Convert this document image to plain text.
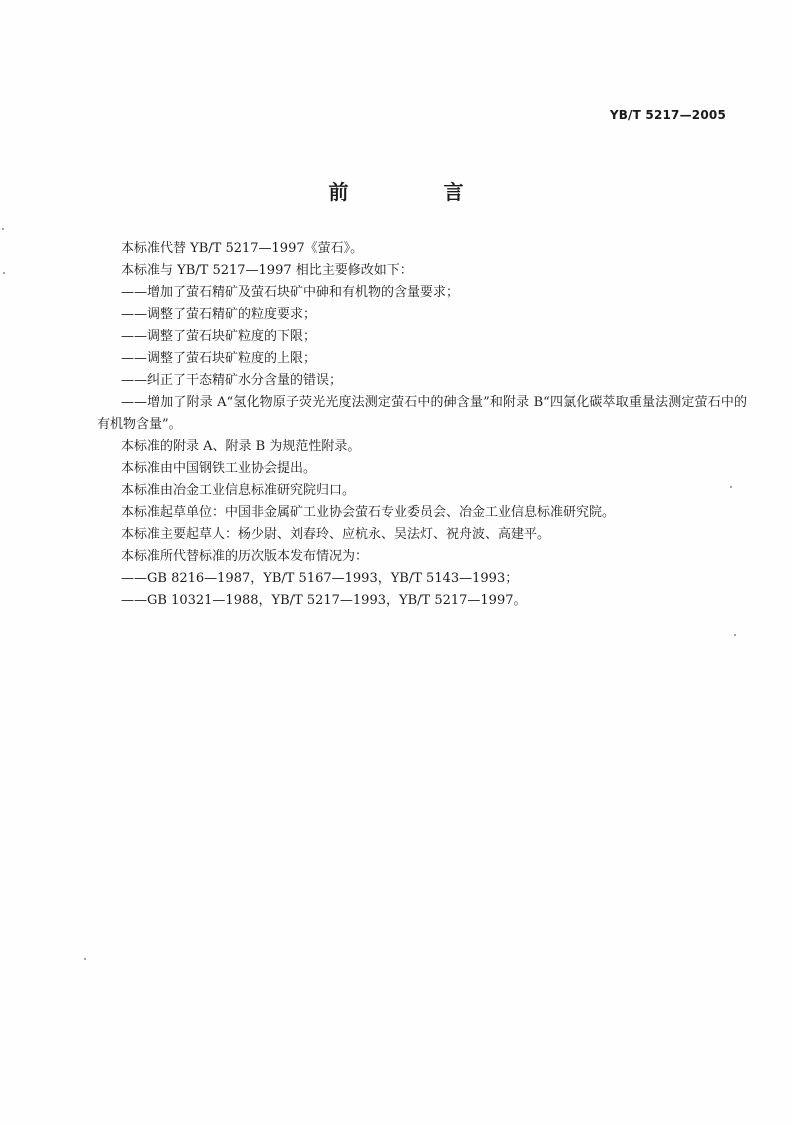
YB/T 5217—2005
前 言

本标准代替 YB/T 5217—1997《萤石》。

本标准与 YB/T 5217—1997 相比主要修改如下：

——增加了萤石精矿及萤石块矿中砷和有机物的含量要求；

——调整了萤石精矿的粒度要求；

——调整了萤石块矿粒度的下限；

——调整了萤石块矿粒度的上限；

——纠正了干态精矿水分含量的错误；

——增加了附录 A“氢化物原子荧光光度法测定萤石中的砷含量”和附录 B“四氯化碳萃取重量法测定萤石中的有机物含量”。

本标准的附录 A、附录 B 为规范性附录。

本标准由中国钢铁工业协会提出。

本标准由冶金工业信息标准研究院归口。

本标准起草单位：中国非金属矿工业协会萤石专业委员会、冶金工业信息标准研究院。

本标准主要起草人：杨少尉、刘春玲、应杭永、吴法灯、祝舟波、高建平。

本标准所代替标准的历次版本发布情况为：

——GB 8216—1987，YB/T 5167—1993，YB/T 5143—1993；

——GB 10321—1988，YB/T 5217—1993，YB/T 5217—1997。
